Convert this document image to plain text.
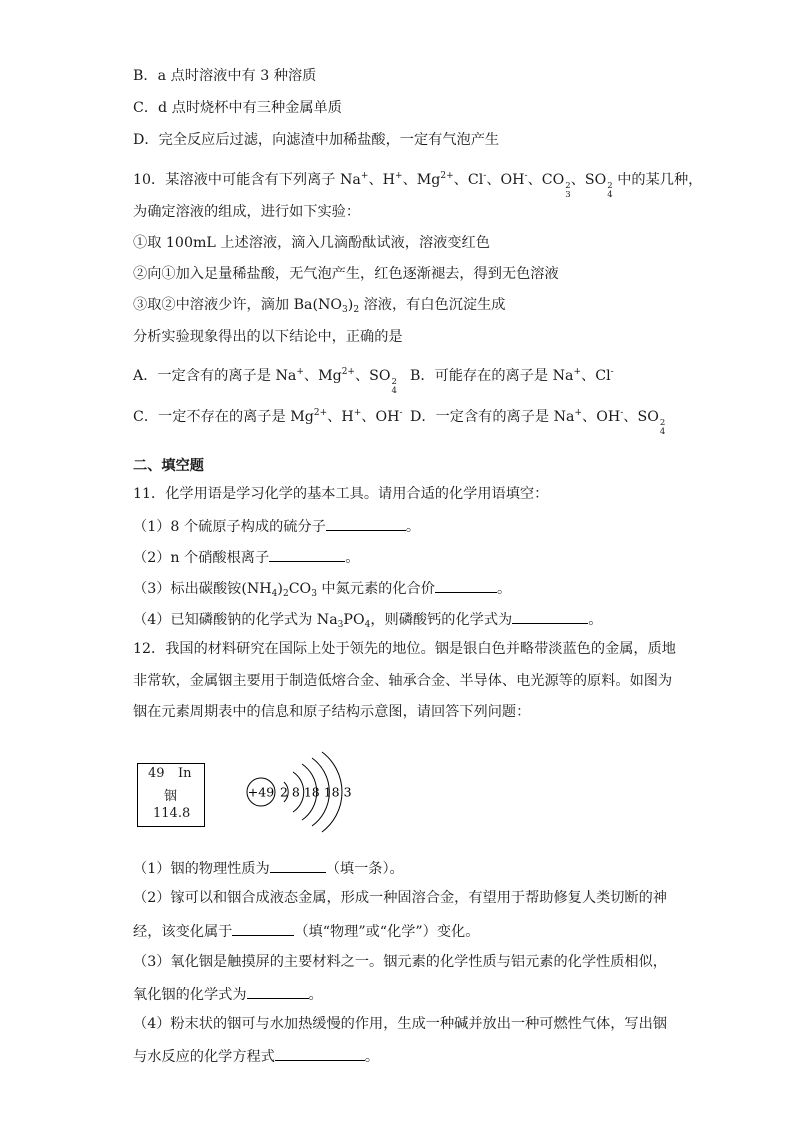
B．a 点时溶液中有 3 种溶质
C．d 点时烧杯中有三种金属单质
D．完全反应后过滤，向滤渣中加稀盐酸，一定有气泡产生
10．某溶液中可能含有下列离子 Na+、H+、$Mg^{2+}$、Cl-、OH-、CO 2
3
、SO 2
4
中的某几种，
为确定溶液的组成，进行如下实验：
①取 100mL 上述溶液，滴入几滴酚酞试液，溶液变红色
②向①加入足量稀盐酸，无气泡产生，红色逐渐褪去，得到无色溶液
③取②中溶液少许，滴加 $Ba(NO_3)_2$ 溶液，有白色沉淀生成
分析实验现象得出的以下结论中，正确的是
A．一定含有的离子是 Na+、$Mg^{2+}$、SO 2
4
B．可能存在的离子是 Na+、Cl-
C．一定不存在的离子是 $Mg^{2+}$、H+、OH- D．一定含有的离子是 Na+、OH-、SO 2
4
二、填空题
11．化学用语是学习化学的基本工具。请用合适的化学用语填空：
（1）8 个硫原子构成的硫分子	。
（2）n 个硝酸根离子	。
（3）标出碳酸铵$(NH_4)_2CO_3$ 中氮元素的化合价	。
（4）已知磷酸钠的化学式为 $Na_3PO_4$，则磷酸钙的化学式为	。
12．我国的材料研究在国际上处于领先的地位。铟是银白色并略带淡蓝色的金属，质地
非常软，金属铟主要用于制造低熔合金、轴承合金、半导体、电光源等的原料。如图为
铟在元素周期表中的信息和原子结构示意图，请回答下列问题：
49 In
铟
114.8
+49 2 8 18 18 3
（1）铟的物理性质为	（填一条）。
（2）镓可以和铟合成液态金属，形成一种固溶合金，有望用于帮助修复人类切断的神
经，该变化属于	（填“物理”或“化学”）变化。
（3）氧化铟是触摸屏的主要材料之一。铟元素的化学性质与铝元素的化学性质相似，
氧化铟的化学式为	。
（4）粉末状的铟可与水加热缓慢的作用，生成一种碱并放出一种可燃性气体，写出铟
与水反应的化学方程式	。
